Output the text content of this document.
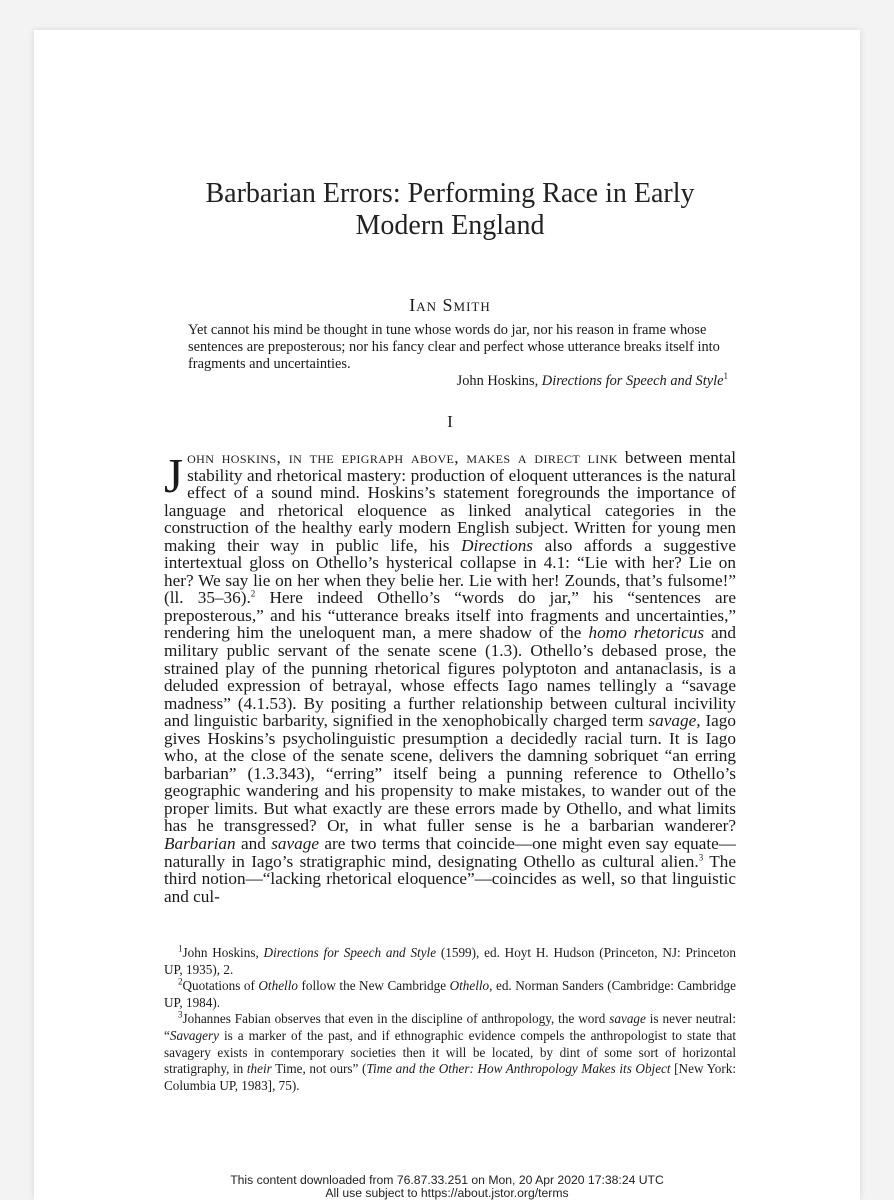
Barbarian Errors: Performing Race in Early
Modern England
Ian Smith
Yet cannot his mind be thought in tune whose words do jar, nor his reason in frame whose sentences are preposterous; nor his fancy clear and perfect whose utterance breaks itself into fragments and uncertainties.
John Hoskins, Directions for Speech and Style$^1$
I
John hoskins, in the epigraph above, makes a direct link between mental stability and rhetorical mastery: production of eloquent utterances is the natural effect of a sound mind. Hoskins’s statement foregrounds the importance of language and rhetorical eloquence as linked analytical categories in the construction of the healthy early modern English subject. Written for young men making their way in public life, his Directions also affords a suggestive intertextual gloss on Othello’s hysterical collapse in 4.1: “Lie with her? Lie on her? We say lie on her when they belie her. Lie with her! Zounds, that’s fulsome!” (ll. 35–36).$^2$ Here indeed Othello’s “words do jar,” his “sentences are preposterous,” and his “utterance breaks itself into fragments and uncertainties,” rendering him the uneloquent man, a mere shadow of the homo rhetoricus and military public servant of the senate scene (1.3). Othello’s debased prose, the strained play of the punning rhetorical figures polyptoton and antanaclasis, is a deluded expression of betrayal, whose effects Iago names tellingly a “savage madness” (4.1.53). By positing a further relationship between cultural incivility and linguistic barbarity, signified in the xenophobically charged term savage, Iago gives Hoskins’s psycholinguistic presumption a decidedly racial turn. It is Iago who, at the close of the senate scene, delivers the damning sobriquet “an erring barbarian” (1.3.343), “erring” itself being a punning reference to Othello’s geographic wandering and his propensity to make mistakes, to wander out of the proper limits. But what exactly are these errors made by Othello, and what limits has he transgressed? Or, in what fuller sense is he a barbarian wanderer? Barbarian and savage are two terms that coincide—one might even say equate—naturally in Iago’s stratigraphic mind, designating Othello as cultural alien.$^3$ The third notion—“lacking rhetorical eloquence”—coincides as well, so that linguistic and cul-

$^1$John Hoskins, Directions for Speech and Style (1599), ed. Hoyt H. Hudson (Princeton, NJ: Princeton UP, 1935), 2.

$^2$Quotations of Othello follow the New Cambridge Othello, ed. Norman Sanders (Cambridge: Cambridge UP, 1984).

$^3$Johannes Fabian observes that even in the discipline of anthropology, the word savage is never neutral: “Savagery is a marker of the past, and if ethnographic evidence compels the anthropologist to state that savagery exists in contemporary societies then it will be located, by dint of some sort of horizontal stratigraphy, in their Time, not ours” (Time and the Other: How Anthropology Makes its Object [New York: Columbia UP, 1983], 75).

This content downloaded from 76.87.33.251 on Mon, 20 Apr 2020 17:38:24 UTC
All use subject to https://about.jstor.org/terms
